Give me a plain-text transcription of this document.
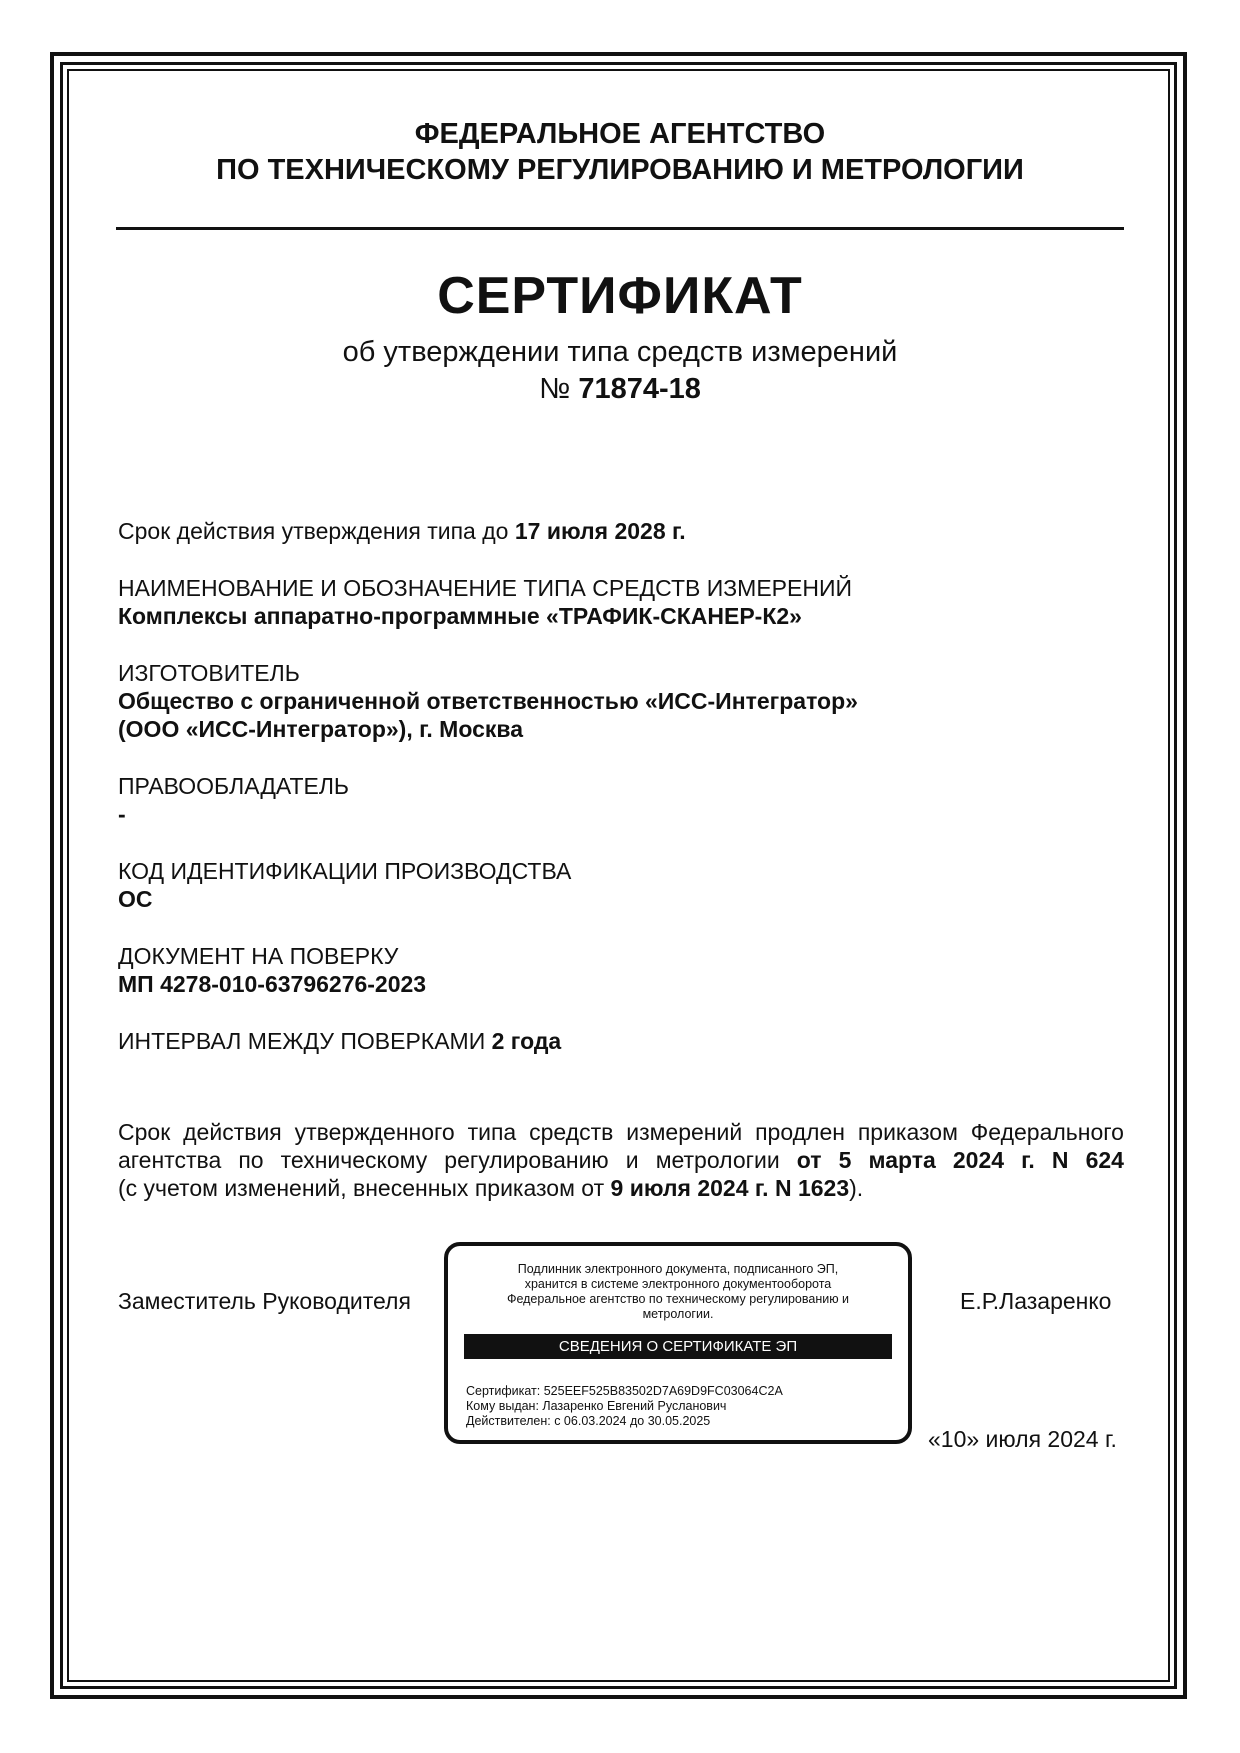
ФЕДЕРАЛЬНОЕ АГЕНТСТВО
ПО ТЕХНИЧЕСКОМУ РЕГУЛИРОВАНИЮ И МЕТРОЛОГИИ
СЕРТИФИКАТ
об утверждении типа средств измерений
№ 71874-18
Срок действия утверждения типа до 17 июля 2028 г.
НАИМЕНОВАНИЕ И ОБОЗНАЧЕНИЕ ТИПА СРЕДСТВ ИЗМЕРЕНИЙ
Комплексы аппаратно-программные «ТРАФИК-СКАНЕР-К2»
ИЗГОТОВИТЕЛЬ
Общество с ограниченной ответственностью «ИСС-Интегратор»
(ООО «ИСС-Интегратор»), г. Москва
ПРАВООБЛАДАТЕЛЬ
-
КОД ИДЕНТИФИКАЦИИ ПРОИЗВОДСТВА
ОС
ДОКУМЕНТ НА ПОВЕРКУ
МП 4278-010-63796276-2023
ИНТЕРВАЛ МЕЖДУ ПОВЕРКАМИ 2 года
Срок действия утвержденного типа средств измерений продлен приказом Федерального
агентства по техническому регулированию и метрологии от 5 марта 2024 г. N 624
(с учетом изменений, внесенных приказом от 9 июля 2024 г. N 1623).
Заместитель Руководителя	Е.Р.Лазаренко
Подлинник электронного документа, подписанного ЭП,
хранится в системе электронного документооборота
Федеральное агентство по техническому регулированию и
метрологии.
СВЕДЕНИЯ О СЕРТИФИКАТЕ ЭП
Сертификат: 525EEF525B83502D7A69D9FC03064C2A
Кому выдан: Лазаренко Евгений Русланович
Действителен: с 06.03.2024 до 30.05.2025
«10» июля 2024 г.
